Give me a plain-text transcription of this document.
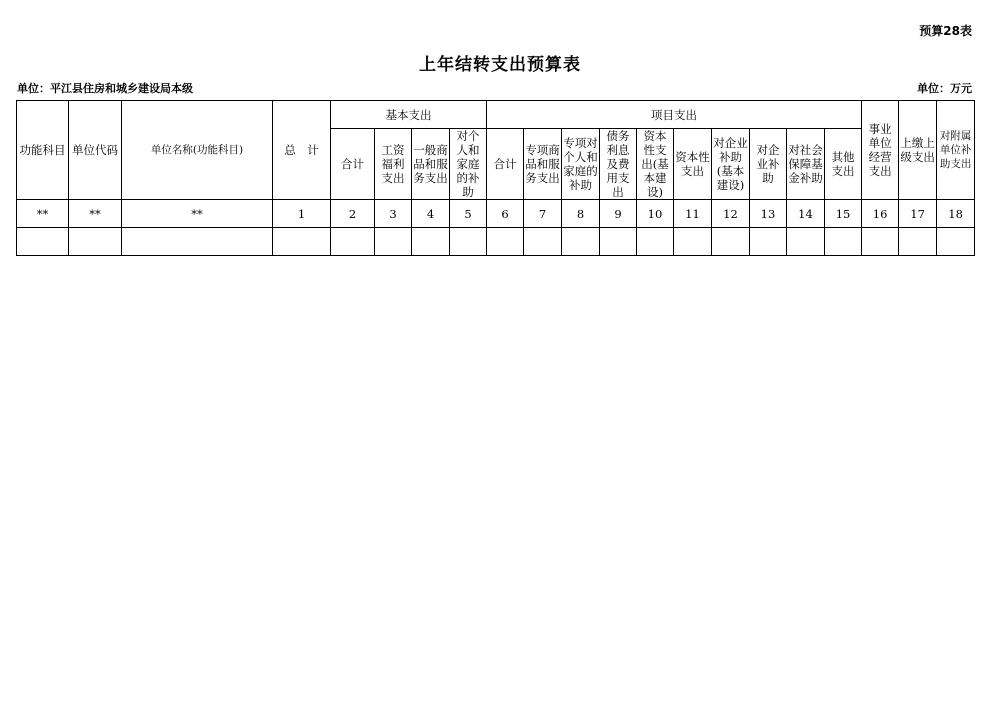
预算28表
上年结转支出预算表
单位：平江县住房和城乡建设局本级	单位：万元
功能科目	单位代码	单位名称(功能科目)	总　计	基本支出				项目支出										事业单位经营支出	上缴上级支出	对附属单位补助支出
				合计	工资福利支出	一般商品和服务支出	对个人和家庭的补助	合计	专项商品和服务支出	专项对个人和家庭的补助	债务利息及费用支出	资本性支出(基本建设)	资本性支出	对企业补助(基本建设)	对企业补助	对社会保障基金补助	其他支出			
**	**	**	1	2	3	4	5	6	7	8	9	10	11	12	13	14	15	16	17	18
